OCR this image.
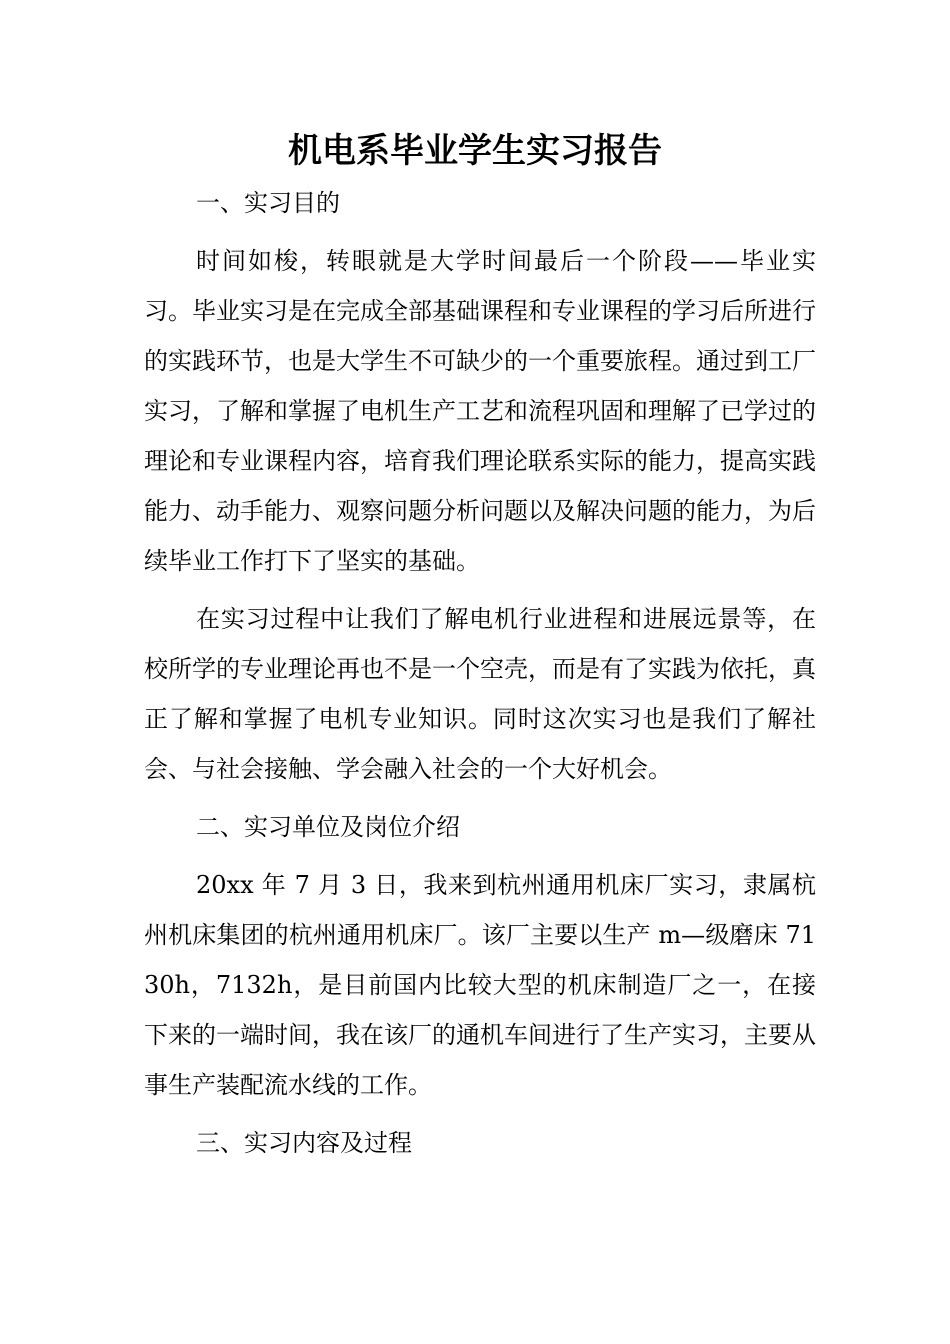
机电系毕业学生实习报告

一、实习目的

时间如梭，转眼就是大学时间最后一个阶段——毕业实习。毕业实习是在完成全部基础课程和专业课程的学习后所进行的实践环节，也是大学生不可缺少的一个重要旅程。通过到工厂实习，了解和掌握了电机生产工艺和流程巩固和理解了已学过的理论和专业课程内容，培育我们理论联系实际的能力，提高实践能力、动手能力、观察问题分析问题以及解决问题的能力，为后续毕业工作打下了坚实的基础。

在实习过程中让我们了解电机行业进程和进展远景等，在校所学的专业理论再也不是一个空壳，而是有了实践为依托，真正了解和掌握了电机专业知识。同时这次实习也是我们了解社会、与社会接触、学会融入社会的一个大好机会。

二、实习单位及岗位介绍

20xx 年 7 月 3 日，我来到杭州通用机床厂实习，隶属杭州机床集团的杭州通用机床厂。该厂主要以生产 m—级磨床 7130h，7132h，是目前国内比较大型的机床制造厂之一，在接下来的一端时间，我在该厂的通机车间进行了生产实习，主要从事生产装配流水线的工作。

三、实习内容及过程
